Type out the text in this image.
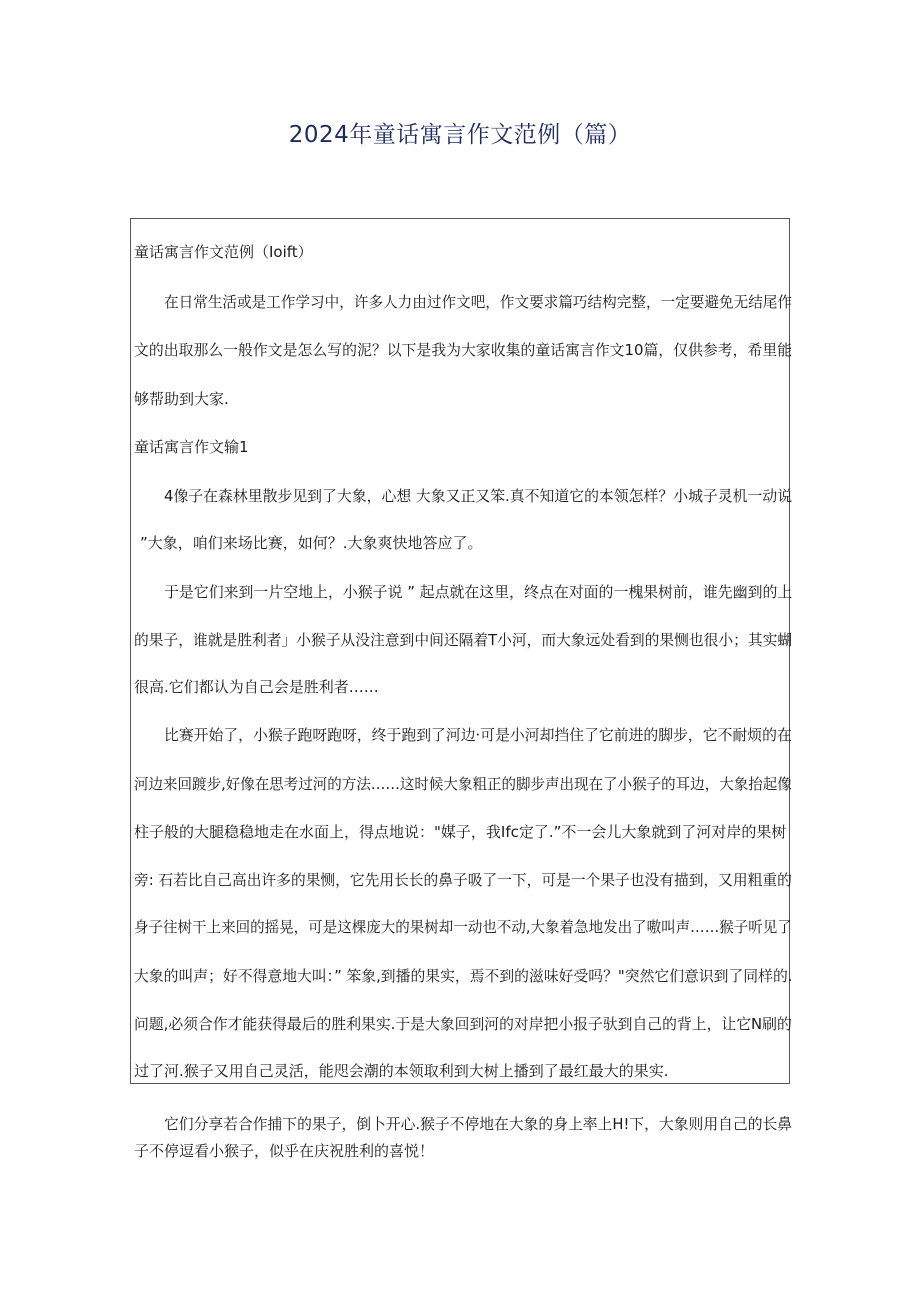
2024年童话寓言作文范例（篇）
童话寓言作文范例（Ioift）
在日常生活或是工作学习中，许多人力由过作文吧，作文要求篇巧结构完整，一定要避免无结尾作
文的出取那么一般作文是怎么写的泥？以下是我为大家收集的童话寓言作文10篇，仅供参考，希里能
够帮助到大家.
童话寓言作文输1
4像子在森林里散步见到了大象，心想 大象又正又笨.真不知道它的本领怎样？小城子灵机一动说
”大象，咱们来场比赛，如何？.大象爽快地答应了。
于是它们来到一片空地上，小猴子说 ” 起点就在这里，终点在对面的一槐果树前，谁先幽到的上
的果子，谁就是胜利者」小猴子从没注意到中间还隔着T小河，而大象远处看到的果恻也很小；其实蝴
很高.它们都认为自己会是胜利者……
比赛开始了，小猴子跑呀跑呀，终于跑到了河边·可是小河却挡住了它前进的脚步，它不耐烦的在
河边来回踱步,好像在思考过河的方法……这时候大象粗正的脚步声出现在了小猴子的耳边，大象抬起像
柱子般的大腿稳稳地走在水面上，得点地说："媒子，我Ifc定了.”不一会儿大象就到了河对岸的果树
旁: 石若比自己高出许多的果恻，它先用长长的鼻子吸了一下，可是一个果子也没有描到，又用粗重的
身子往树干上来回的摇晃，可是这棵庞大的果树却一动也不动,大象着急地发出了嗷叫声……猴子听见了
大象的叫声；好不得意地大叫：” 笨象,到播的果实，焉不到的滋味好受吗？"突然它们意识到了同样的.
问题,必须合作才能获得最后的胜利果实.于是大象回到河的对岸把小报子驮到自己的背上，让它N刷的
过了河.猴子又用自己灵活，能咫会潮的本领取利到大树上播到了最红最大的果实.
它们分享若合作捕下的果子，倒卜开心.猴子不停地在大象的身上率上H!下，大象则用自己的长鼻
子不停逗看小猴子，似乎在庆祝胜利的喜悦！
